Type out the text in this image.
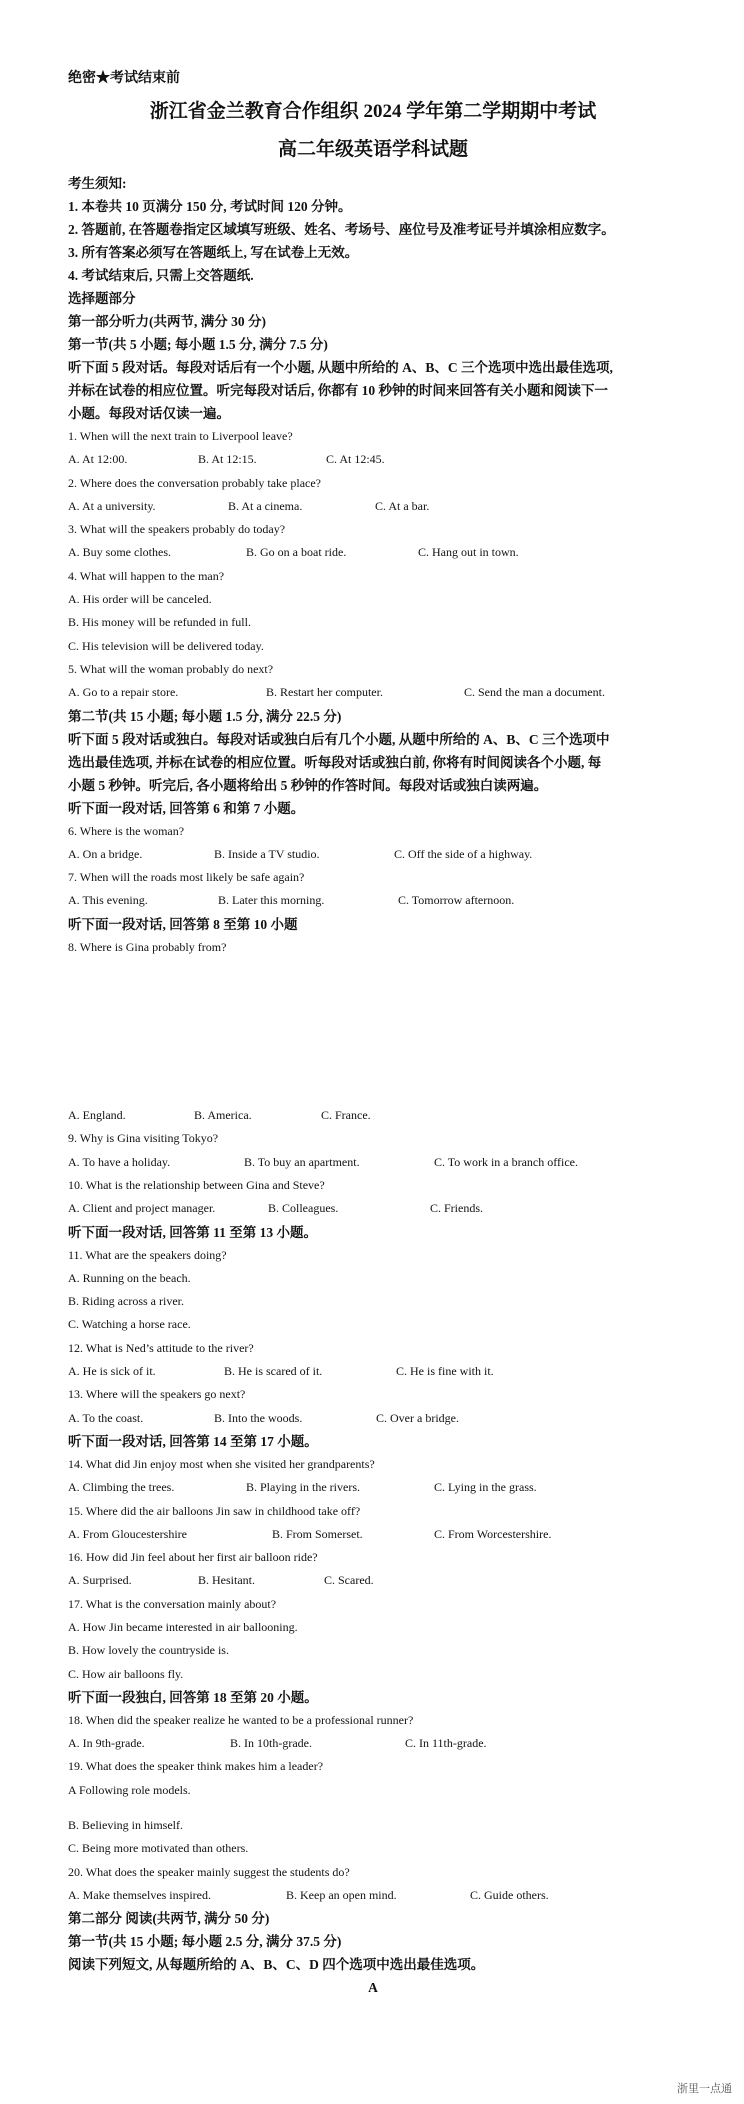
绝密★考试结束前
浙江省金兰教育合作组织 2024 学年第二学期期中考试
高二年级英语学科试题
考生须知:
1. 本卷共 10 页满分 150 分, 考试时间 120 分钟。
2. 答题前, 在答题卷指定区域填写班级、姓名、考场号、座位号及准考证号并填涂相应数字。
3. 所有答案必须写在答题纸上, 写在试卷上无效。
4. 考试结束后, 只需上交答题纸.
选择题部分
第一部分听力(共两节, 满分 30 分)
第一节(共 5 小题; 每小题 1.5 分, 满分 7.5 分)
听下面 5 段对话。每段对话后有一个小题, 从题中所给的 A、B、C 三个选项中选出最佳选项,
并标在试卷的相应位置。听完每段对话后, 你都有 10 秒钟的时间来回答有关小题和阅读下一
小题。每段对话仅读一遍。
1. When will the next train to Liverpool leave?
A. At 12:00.	B. At 12:15.	C. At 12:45.
2. Where does the conversation probably take place?
A. At a university.	B. At a cinema.	C. At a bar.
3. What will the speakers probably do today?
A. Buy some clothes.	B. Go on a boat ride.	C. Hang out in town.
4. What will happen to the man?
A. His order will be canceled.
B. His money will be refunded in full.
C. His television will be delivered today.
5. What will the woman probably do next?
A. Go to a repair store.	B. Restart her computer.	C. Send the man a document.
第二节(共 15 小题; 每小题 1.5 分, 满分 22.5 分)
听下面 5 段对话或独白。每段对话或独白后有几个小题, 从题中所给的 A、B、C 三个选项中
选出最佳选项, 并标在试卷的相应位置。听每段对话或独白前, 你将有时间阅读各个小题, 每
小题 5 秒钟。听完后, 各小题将给出 5 秒钟的作答时间。每段对话或独白读两遍。
听下面一段对话, 回答第 6 和第 7 小题。
6. Where is the woman?
A. On a bridge.	B. Inside a TV studio.	C. Off the side of a highway.
7. When will the roads most likely be safe again?
A. This evening.	B. Later this morning.	C. Tomorrow afternoon.
听下面一段对话, 回答第 8 至第 10 小题
8. Where is Gina probably from?
A. England.	B. America.	C. France.
9. Why is Gina visiting Tokyo?
A. To have a holiday.	B. To buy an apartment.	C. To work in a branch office.
10. What is the relationship between Gina and Steve?
A. Client and project manager.	B. Colleagues.	C. Friends.
听下面一段对话, 回答第 11 至第 13 小题。
11. What are the speakers doing?
A. Running on the beach.
B. Riding across a river.
C. Watching a horse race.
12. What is Ned’s attitude to the river?
A. He is sick of it.	B. He is scared of it.	C. He is fine with it.
13. Where will the speakers go next?
A. To the coast.	B. Into the woods.	C. Over a bridge.
听下面一段对话, 回答第 14 至第 17 小题。
14. What did Jin enjoy most when she visited her grandparents?
A. Climbing the trees.	B. Playing in the rivers.	C. Lying in the grass.
15. Where did the air balloons Jin saw in childhood take off?
A. From Gloucestershire	B. From Somerset.	C. From Worcestershire.
16. How did Jin feel about her first air balloon ride?
A. Surprised.	B. Hesitant.	C. Scared.
17. What is the conversation mainly about?
A. How Jin became interested in air ballooning.
B. How lovely the countryside is.
C. How air balloons fly.
听下面一段独白, 回答第 18 至第 20 小题。
18. When did the speaker realize he wanted to be a professional runner?
A. In 9th-grade.	B. In 10th-grade.	C. In 11th-grade.
19. What does the speaker think makes him a leader?
A Following role models.
B. Believing in himself.
C. Being more motivated than others.
20. What does the speaker mainly suggest the students do?
A. Make themselves inspired.	B. Keep an open mind.	C. Guide others.
第二部分 阅读(共两节, 满分 50 分)
第一节(共 15 小题; 每小题 2.5 分, 满分 37.5 分)
阅读下列短文, 从每题所给的 A、B、C、D 四个选项中选出最佳选项。
A
浙里一点通
